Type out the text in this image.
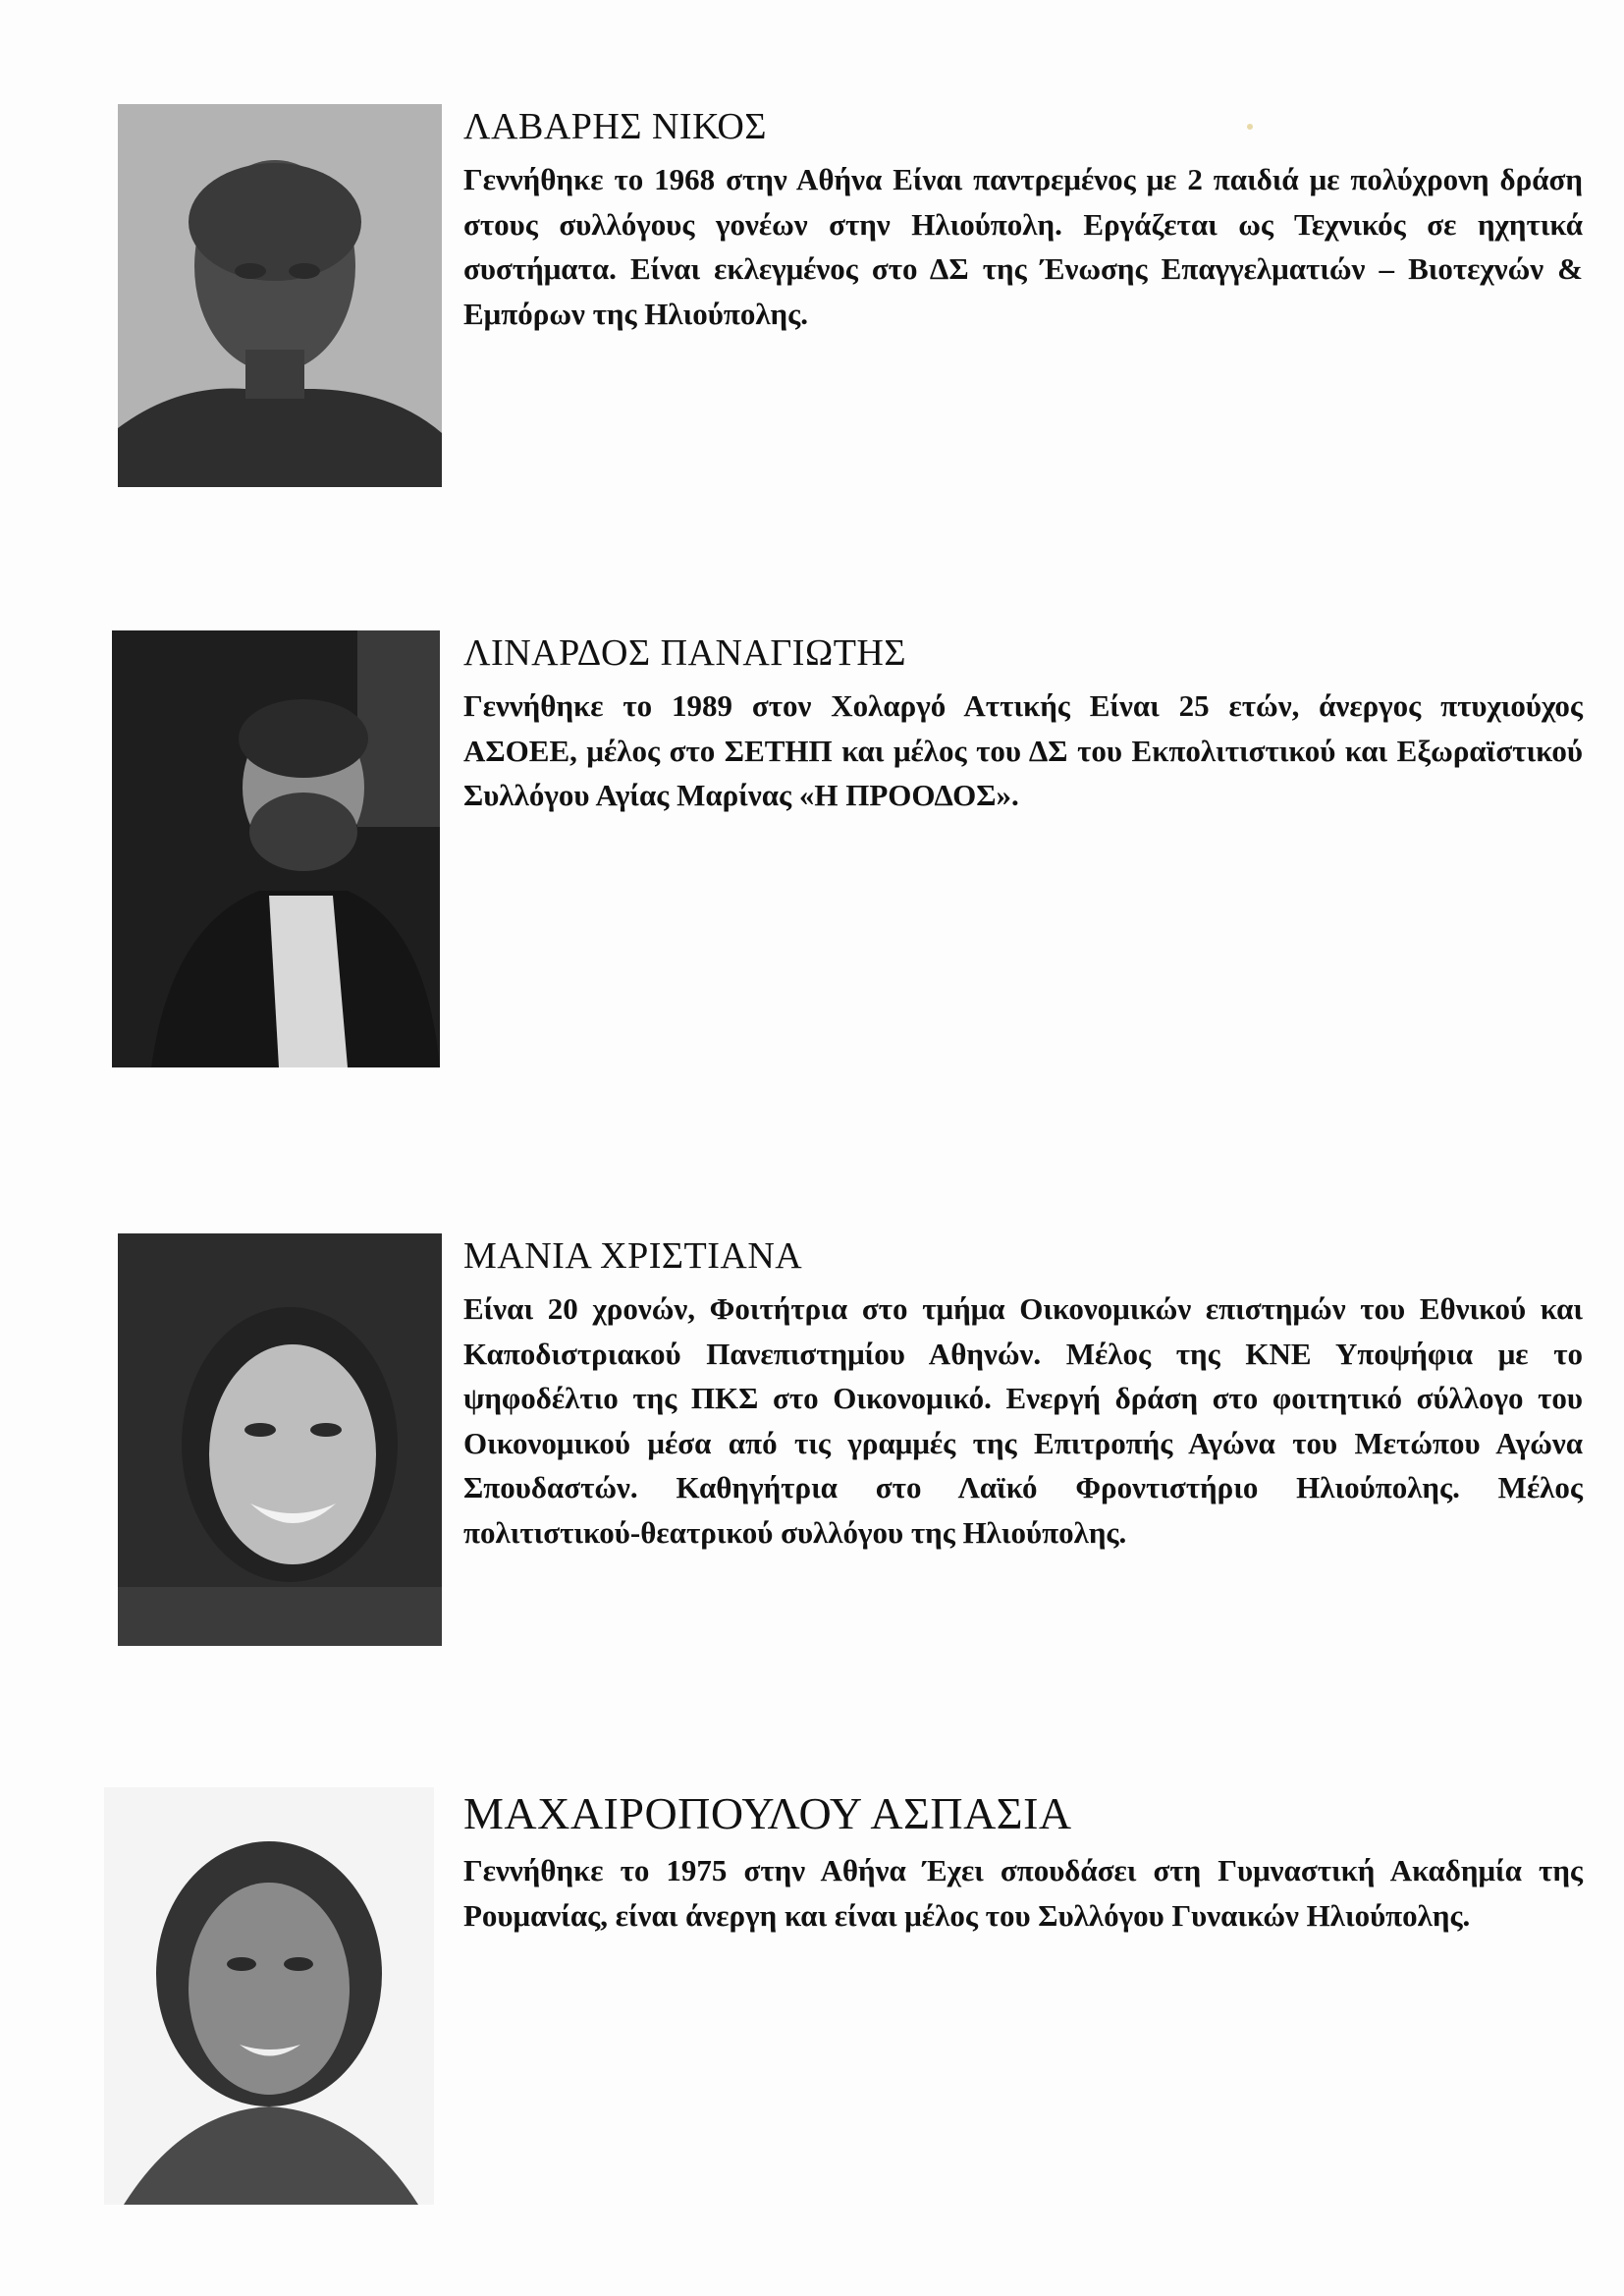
ΛΑΒΑΡΗΣ ΝΙΚΟΣ

Γεννήθηκε το 1968 στην Αθήνα Είναι παντρεμένος με 2 παιδιά με πολύχρονη δράση στους συλλόγους γονέων στην Ηλιούπολη. Εργάζεται ως Τεχνικός σε ηχητικά συστήματα. Είναι εκλεγμένος στο ΔΣ της Ένωσης Επαγγελματιών – Βιοτεχνών & Εμπόρων της Ηλιούπολης.

ΛΙΝΑΡΔΟΣ ΠΑΝΑΓΙΩΤΗΣ

Γεννήθηκε το 1989 στον Χολαργό Αττικής Είναι 25 ετών, άνεργος πτυχιούχος ΑΣΟΕΕ, μέλος στο ΣΕΤΗΠ και μέλος του ΔΣ του Εκπολιτιστικού και Εξωραϊστικού Συλλόγου Αγίας Μαρίνας «Η ΠΡΟΟΔΟΣ».

ΜΑΝΙΑ ΧΡΙΣΤΙΑΝΑ

Είναι 20 χρονών, Φοιτήτρια στο τμήμα Οικονομικών επιστημών του Εθνικού και Καποδιστριακού Πανεπιστημίου Αθηνών. Μέλος της ΚΝΕ Υποψήφια με το ψηφοδέλτιο της ΠΚΣ στο Οικονομικό. Ενεργή δράση στο φοιτητικό σύλλογο του Οικονομικού μέσα από τις γραμμές της Επιτροπής Αγώνα του Μετώπου Αγώνα Σπουδαστών. Καθηγήτρια στο Λαϊκό Φροντιστήριο Ηλιούπολης. Μέλος πολιτιστικού-θεατρικού συλλόγου της Ηλιούπολης.

ΜΑΧΑΙΡΟΠΟΥΛΟΥ ΑΣΠΑΣΙΑ

Γεννήθηκε το 1975 στην Αθήνα Έχει σπουδάσει στη Γυμναστική Ακαδημία της Ρουμανίας, είναι άνεργη και είναι μέλος του Συλλόγου Γυναικών Ηλιούπολης.
